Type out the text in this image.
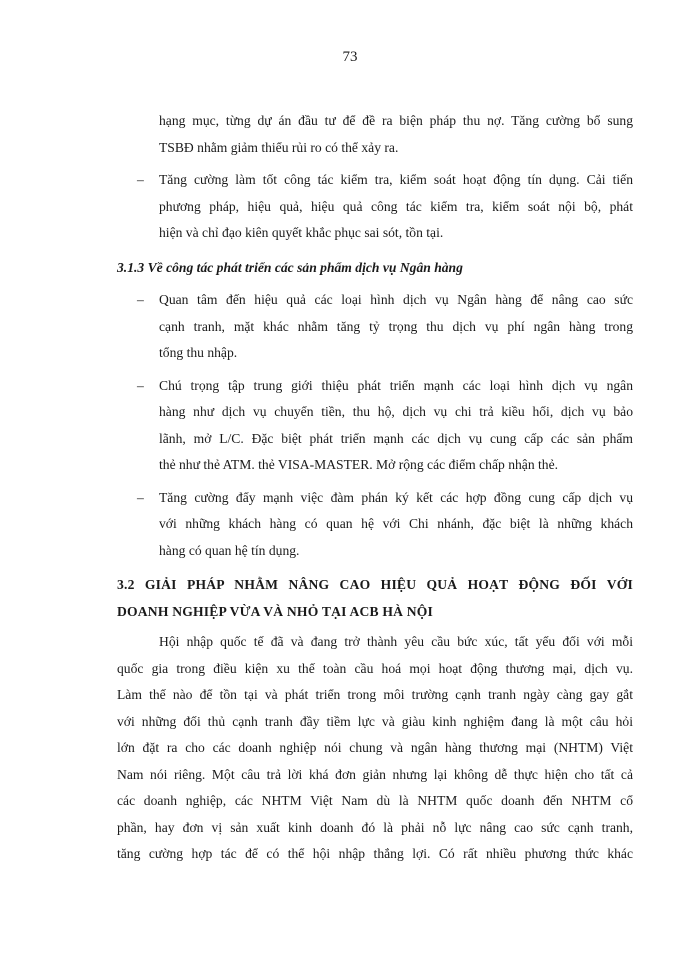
73
hạng mục, từng dự án đầu tư để đề ra biện pháp thu nợ. Tăng cường bổ sung
TSBĐ nhằm giảm thiểu rủi ro có thể xảy ra.
– Tăng cường làm tốt công tác kiểm tra, kiểm soát hoạt động tín dụng. Cải tiến
phương pháp, hiệu quả, hiệu quả công tác kiểm tra, kiểm soát nội bộ, phát
hiện và chỉ đạo kiên quyết khắc phục sai sót, tồn tại.
3.1.3 Về công tác phát triển các sản phẩm dịch vụ Ngân hàng
– Quan tâm đến hiệu quả các loại hình dịch vụ Ngân hàng để nâng cao sức
cạnh tranh, mặt khác nhằm tăng tỷ trọng thu dịch vụ phí ngân hàng trong
tổng thu nhập.
– Chú trọng tập trung giới thiệu phát triển mạnh các loại hình dịch vụ ngân
hàng như dịch vụ chuyển tiền, thu hộ, dịch vụ chi trả kiều hối, dịch vụ bảo
lãnh, mở L/C. Đặc biệt phát triển mạnh các dịch vụ cung cấp các sản phẩm
thẻ như thẻ ATM. thẻ VISA-MASTER. Mở rộng các điểm chấp nhận thẻ.
– Tăng cường đẩy mạnh việc đàm phán ký kết các hợp đồng cung cấp dịch vụ
với những khách hàng có quan hệ với Chi nhánh, đặc biệt là những khách
hàng có quan hệ tín dụng.
3.2 GIẢI PHÁP NHẰM NÂNG CAO HIỆU QUẢ HOẠT ĐỘNG ĐỐI VỚI
DOANH NGHIỆP VỪA VÀ NHỎ TẠI ACB HÀ NỘI
Hội nhập quốc tế đã và đang trở thành yêu cầu bức xúc, tất yếu đối với mỗi
quốc gia trong điều kiện xu thế toàn cầu hoá mọi hoạt động thương mại, dịch vụ.
Làm thế nào để tồn tại và phát triển trong môi trường cạnh tranh ngày càng gay gắt
với những đối thủ cạnh tranh đầy tiềm lực và giàu kinh nghiệm đang là một câu hỏi
lớn đặt ra cho các doanh nghiệp nói chung và ngân hàng thương mại (NHTM) Việt
Nam nói riêng. Một câu trả lời khá đơn giản nhưng lại không dễ thực hiện cho tất cả
các doanh nghiệp, các NHTM Việt Nam dù là NHTM quốc doanh đến NHTM cổ
phần, hay đơn vị sản xuất kinh doanh đó là phải nỗ lực nâng cao sức cạnh tranh,
tăng cường hợp tác để có thể hội nhập thắng lợi. Có rất nhiều phương thức khác
